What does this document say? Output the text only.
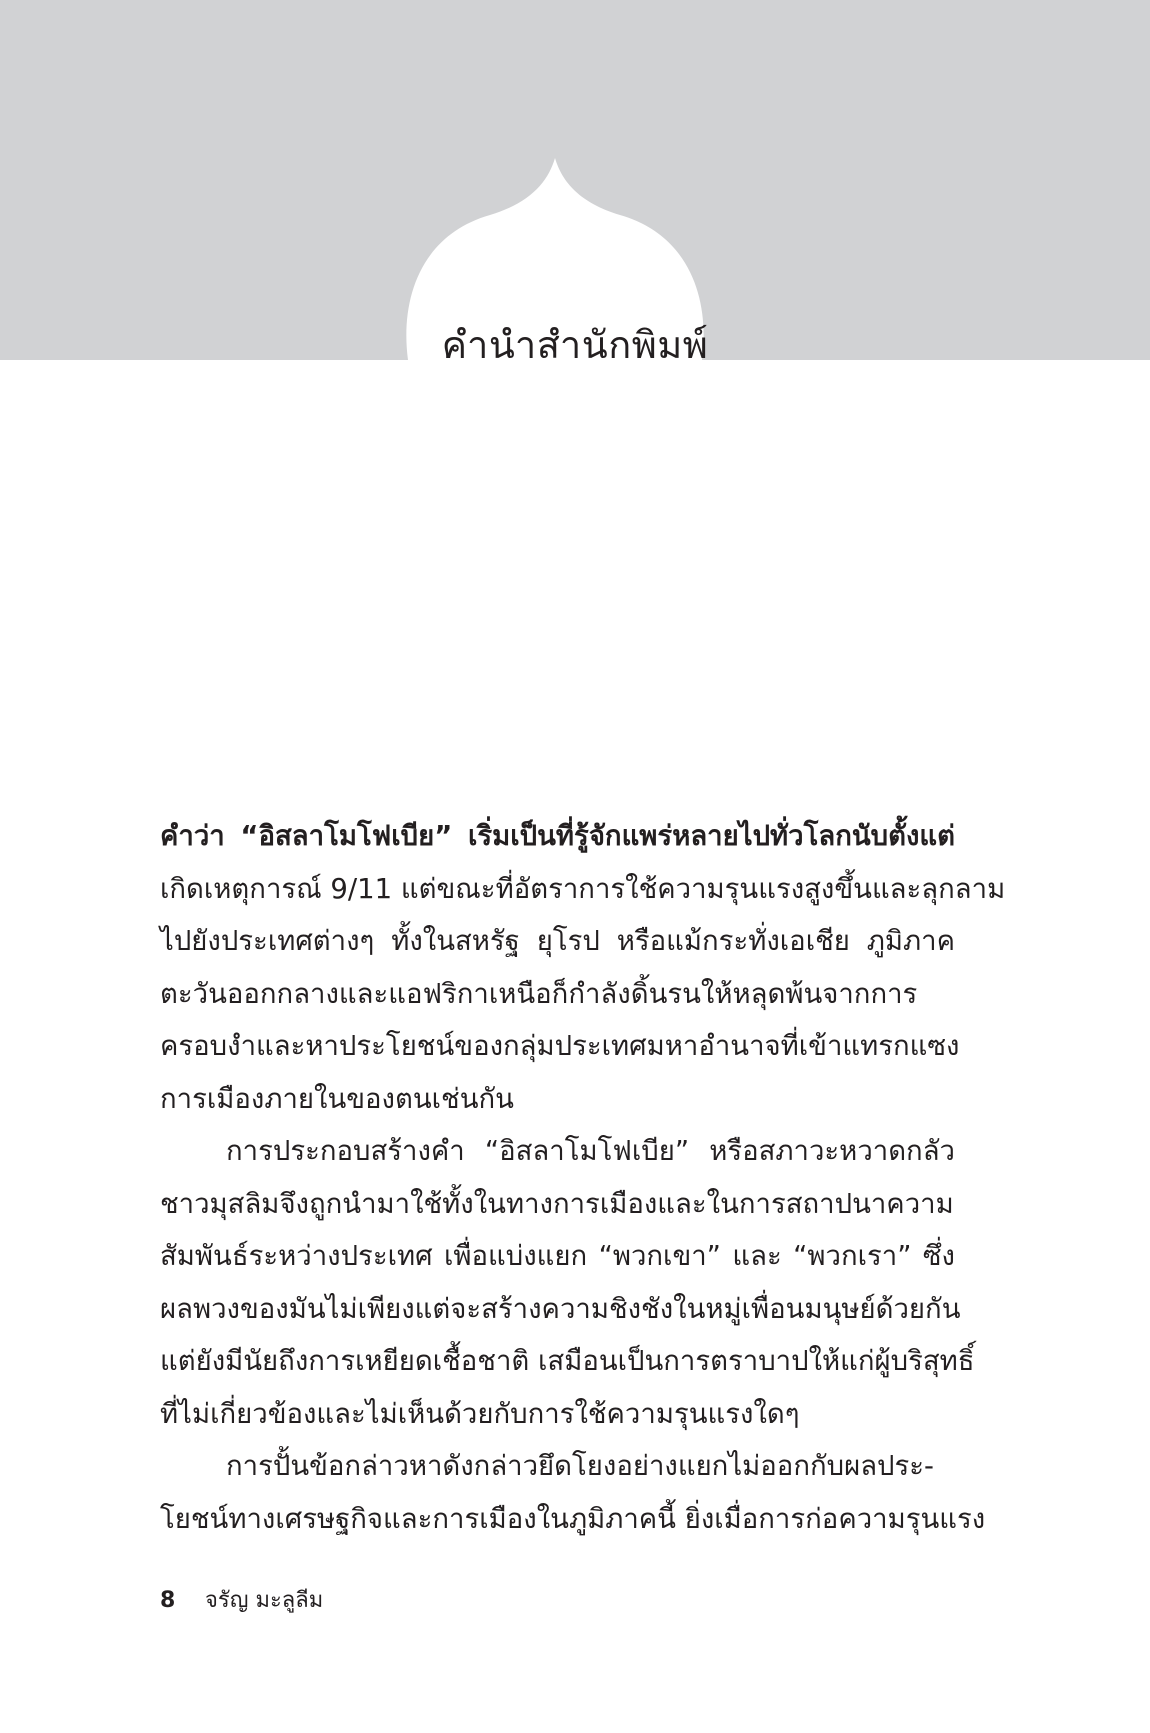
คำนำสำนักพิมพ์

คำว่า “อิสลาโมโฟเบีย” เริ่มเป็นที่รู้จักแพร่หลายไปทั่วโลกนับตั้งแต่
เกิดเหตุการณ์ 9/11 แต่ขณะที่อัตราการใช้ความรุนแรงสูงขึ้นและลุกลาม
ไปยังประเทศต่างๆ ทั้งในสหรัฐ ยุโรป หรือแม้กระทั่งเอเชีย ภูมิภาค
ตะวันออกกลางและแอฟริกาเหนือก็กำลังดิ้นรนให้หลุดพ้นจากการ
ครอบงำและหาประโยชน์ของกลุ่มประเทศมหาอำนาจที่เข้าแทรกแซง
การเมืองภายในของตนเช่นกัน

การประกอบสร้างคำ “อิสลาโมโฟเบีย” หรือสภาวะหวาดกลัว
ชาวมุสลิมจึงถูกนำมาใช้ทั้งในทางการเมืองและในการสถาปนาความ
สัมพันธ์ระหว่างประเทศ เพื่อแบ่งแยก “พวกเขา” และ “พวกเรา” ซึ่ง
ผลพวงของมันไม่เพียงแต่จะสร้างความชิงชังในหมู่เพื่อนมนุษย์ด้วยกัน
แต่ยังมีนัยถึงการเหยียดเชื้อชาติ เสมือนเป็นการตราบาปให้แก่ผู้บริสุทธิ์
ที่ไม่เกี่ยวข้องและไม่เห็นด้วยกับการใช้ความรุนแรงใดๆ

การปั้นข้อกล่าวหาดังกล่าวยึดโยงอย่างแยกไม่ออกกับผลประ-
โยชน์ทางเศรษฐกิจและการเมืองในภูมิภาคนี้ ยิ่งเมื่อการก่อความรุนแรง

8 จรัญ มะลูลีม
